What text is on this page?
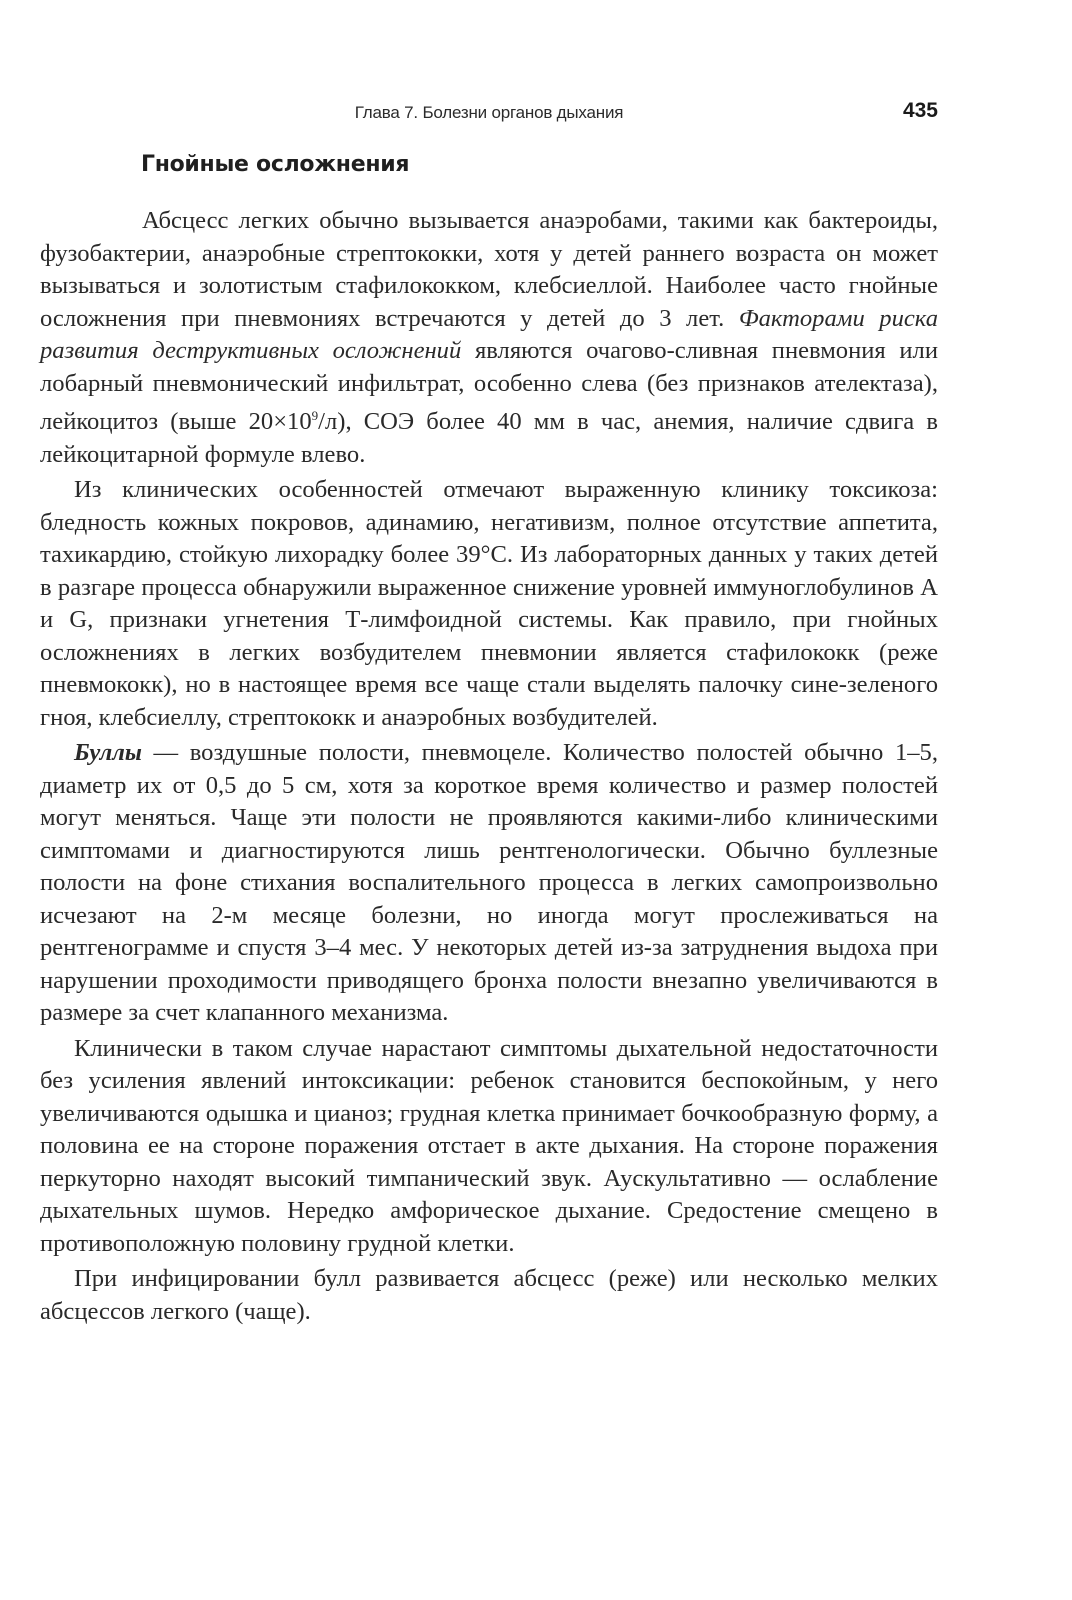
Глава 7. Болезни органов дыхания	435
Гнойные осложнения

Абсцесс легких обычно вызывается анаэробами, такими как бактероиды, фузобактерии, анаэробные стрептококки, хотя у детей раннего возраста он может вызываться и золотистым стафилококком, клебсиеллой. Наиболее часто гнойные осложнения при пневмониях встречаются у детей до 3 лет. Факторами риска развития деструктивных осложнений являются очагово-сливная пневмония или лобарный пневмонический инфильтрат, особенно слева (без признаков ателектаза), лейкоцитоз (выше $20\times 10^9/л$), СОЭ более 40 мм в час, анемия, наличие сдвига в лейкоцитарной формуле влево.

Из клинических особенностей отмечают выраженную клинику токсикоза: бледность кожных покровов, адинамию, негативизм, полное отсутствие аппетита, тахикардию, стойкую лихорадку более 39°C. Из лабораторных данных у таких детей в разгаре процесса обнаружили выраженное снижение уровней иммуноглобулинов A и G, признаки угнетения Т-лимфоидной системы. Как правило, при гнойных осложнениях в легких возбудителем пневмонии является стафилококк (реже пневмококк), но в настоящее время все чаще стали выделять палочку сине-зеленого гноя, клебсиеллу, стрептококк и анаэробных возбудителей.

Буллы — воздушные полости, пневмоцеле. Количество полостей обычно 1–5, диаметр их от 0,5 до 5 см, хотя за короткое время количество и размер полостей могут меняться. Чаще эти полости не проявляются какими-либо клиническими симптомами и диагностируются лишь рентгенологически. Обычно буллезные полости на фоне стихания воспалительного процесса в легких самопроизвольно исчезают на 2-м месяце болезни, но иногда могут прослеживаться на рентгенограмме и спустя 3–4 мес. У некоторых детей из-за затруднения выдоха при нарушении проходимости приводящего бронха полости внезапно увеличиваются в размере за счет клапанного механизма.

Клинически в таком случае нарастают симптомы дыхательной недостаточности без усиления явлений интоксикации: ребенок становится беспокойным, у него увеличиваются одышка и цианоз; грудная клетка принимает бочкообразную форму, а половина ее на стороне поражения отстает в акте дыхания. На стороне поражения перкуторно находят высокий тимпанический звук. Аускультативно — ослабление дыхательных шумов. Нередко амфорическое дыхание. Средостение смещено в противоположную половину грудной клетки.

При инфицировании булл развивается абсцесс (реже) или несколько мелких абсцессов легкого (чаще).
